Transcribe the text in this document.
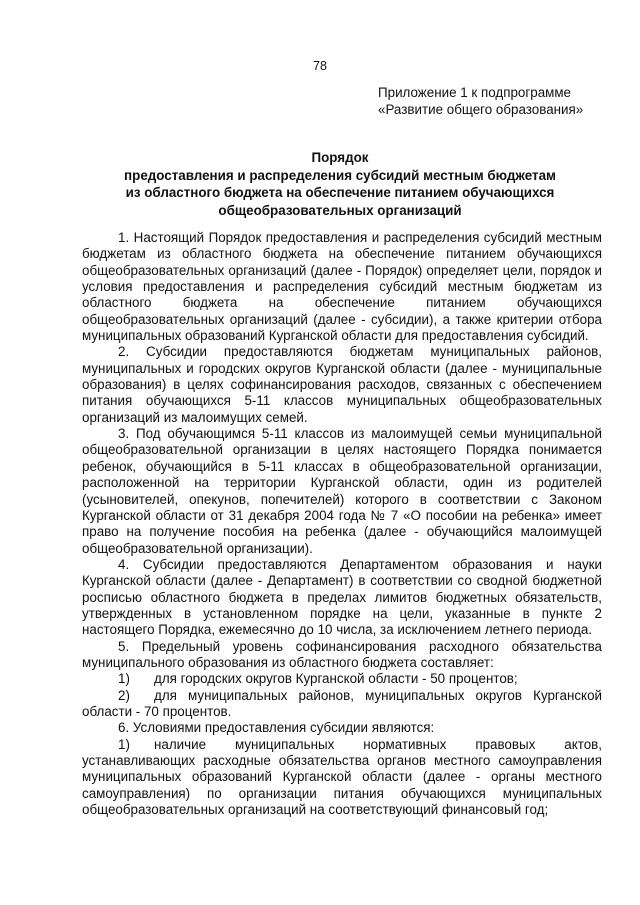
78
Приложение 1 к подпрограмме
«Развитие общего образования»
Порядок
предоставления и распределения субсидий местным бюджетам
из областного бюджета на обеспечение питанием обучающихся
общеобразовательных организаций

1. Настоящий Порядок предоставления и распределения субсидий местным бюджетам из областного бюджета на обеспечение питанием обучающихся общеобразовательных организаций (далее - Порядок) определяет цели, порядок и условия предоставления и распределения субсидий местным бюджетам из областного бюджета на обеспечение питанием обучающихся общеобразовательных организаций (далее - субсидии), а также критерии отбора муниципальных образований Курганской области для предоставления субсидий.

2. Субсидии предоставляются бюджетам муниципальных районов, муниципальных и городских округов Курганской области (далее - муниципальные образования) в целях софинансирования расходов, связанных с обеспечением питания обучающихся 5-11 классов муниципальных общеобразовательных организаций из малоимущих семей.

3. Под обучающимся 5-11 классов из малоимущей семьи муниципальной общеобразовательной организации в целях настоящего Порядка понимается ребенок, обучающийся в 5-11 классах в общеобразовательной организации, расположенной на территории Курганской области, один из родителей (усыновителей, опекунов, попечителей) которого в соответствии с Законом Курганской области от 31 декабря 2004 года № 7 «О пособии на ребенка» имеет право на получение пособия на ребенка (далее - обучающийся малоимущей общеобразовательной организации).

4. Субсидии предоставляются Департаментом образования и науки Курганской области (далее - Департамент) в соответствии со сводной бюджетной росписью областного бюджета в пределах лимитов бюджетных обязательств, утвержденных в установленном порядке на цели, указанные в пункте 2 настоящего Порядка, ежемесячно до 10 числа, за исключением летнего периода.

5. Предельный уровень софинансирования расходного обязательства муниципального образования из областного бюджета составляет:

1) для городских округов Курганской области - 50 процентов;

2) для муниципальных районов, муниципальных округов Курганской области - 70 процентов.

6. Условиями предоставления субсидии являются:

1) наличие муниципальных нормативных правовых актов, устанавливающих расходные обязательства органов местного самоуправления муниципальных образований Курганской области (далее - органы местного самоуправления) по организации питания обучающихся муниципальных общеобразовательных организаций на соответствующий финансовый год;
